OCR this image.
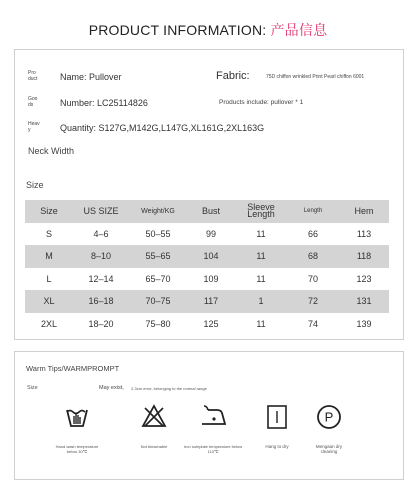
PRODUCT INFORMATION: 产品信息
Pro
duct	Name: Pullover	Fabric:	75D chiffon wrinkled Print Pearl chiffon 6001
Goo
ds	Number: LC25114826	Products include: pullover * 1
Heav
y	Quantity: S127G,M142G,L147G,XL161G,2XL163G
Neck Width
Size
Size	US SIZE	Weight/KG	Bust	Sleeve
Length	Length	Hem
S	4–6	50–55	99	11	66	113
M	8–10	55–65	104	11	68	118
L	12–14	65–70	109	11	70	123
XL	16–18	70–75	117	1	72	131
2XL	18–20	75–80	125	11	74	139
Warm Tips/WARMPROMPT
Size	May exist, 2-3cm error, belonging to the normal range
Hand wash temperature below 30℃
Not bleachable	Iron soleplate temperature below 110℃
Hang to dry
P
Mengaan dry
cleaning
